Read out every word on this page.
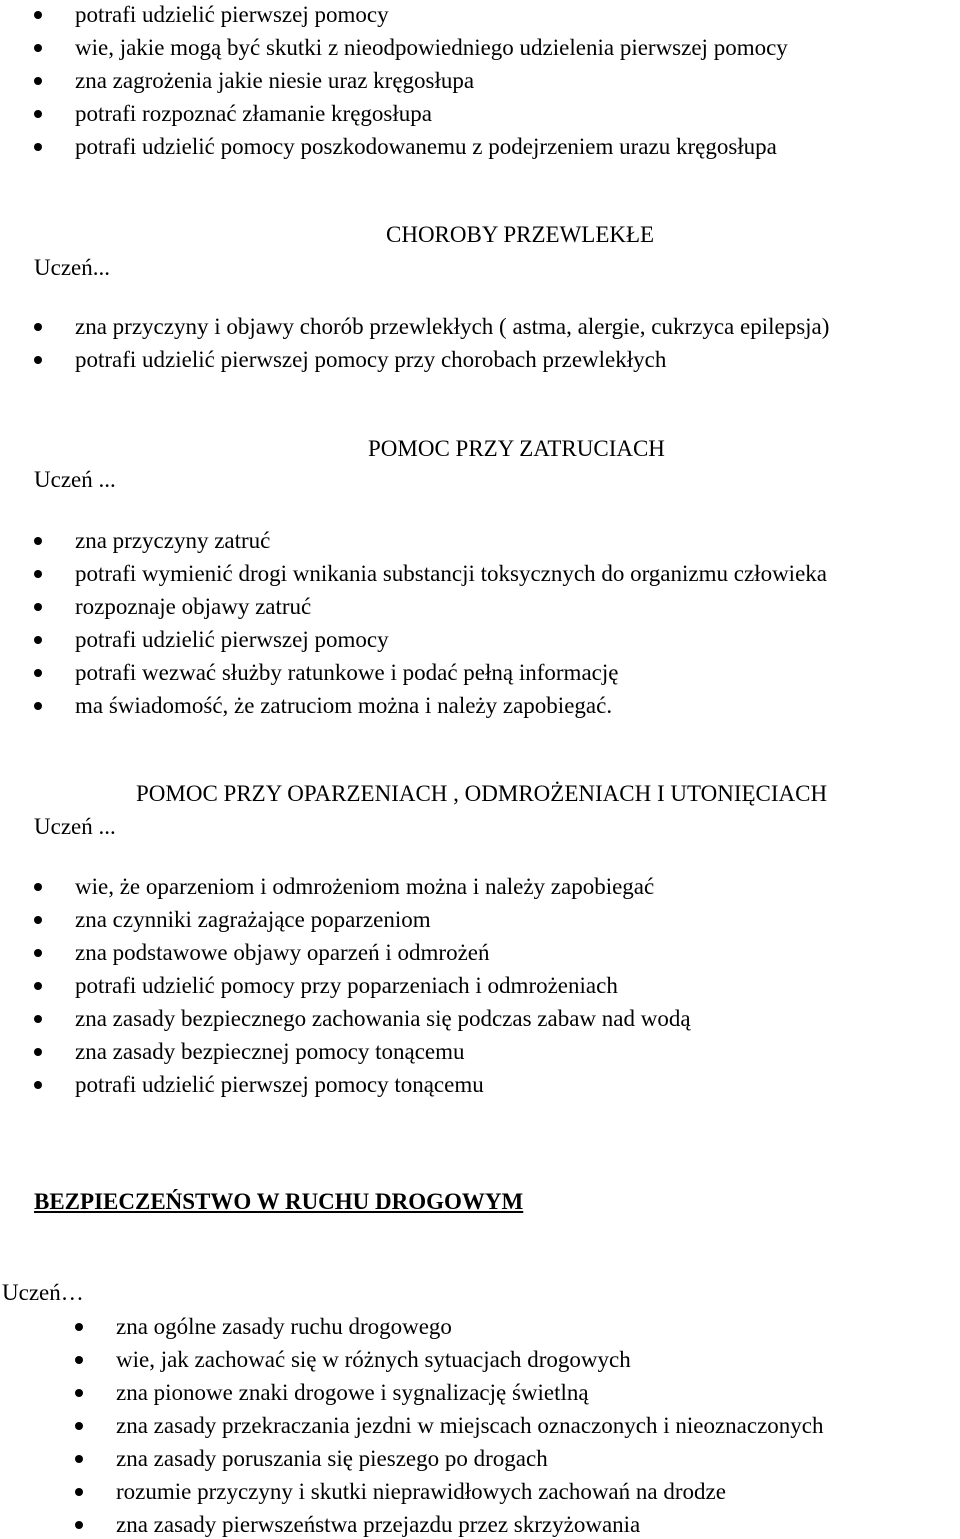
potrafi udzielić pierwszej pomocy
wie, jakie mogą być skutki z nieodpowiedniego udzielenia pierwszej pomocy
zna zagrożenia jakie niesie uraz kręgosłupa
potrafi rozpoznać złamanie kręgosłupa
potrafi udzielić pomocy poszkodowanemu z podejrzeniem urazu kręgosłupa
CHOROBY PRZEWLEKŁE
Uczeń...
zna przyczyny i objawy chorób przewlekłych ( astma, alergie, cukrzyca epilepsja)
potrafi udzielić pierwszej pomocy przy chorobach przewlekłych
POMOC PRZY ZATRUCIACH
Uczeń ...
zna przyczyny zatruć
potrafi wymienić drogi wnikania substancji toksycznych do organizmu człowieka
rozpoznaje objawy zatruć
potrafi udzielić pierwszej pomocy
potrafi wezwać służby ratunkowe i podać pełną informację
ma świadomość, że zatruciom można i należy zapobiegać.
POMOC PRZY OPARZENIACH , ODMROŻENIACH I UTONIĘCIACH
Uczeń ...
wie, że oparzeniom i odmrożeniom można i należy zapobiegać
zna czynniki zagrażające poparzeniom
zna podstawowe objawy oparzeń i odmrożeń
potrafi udzielić pomocy przy poparzeniach i odmrożeniach
zna zasady bezpiecznego zachowania się podczas zabaw nad wodą
zna zasady bezpiecznej pomocy tonącemu
potrafi udzielić pierwszej pomocy tonącemu
BEZPIECZEŃSTWO W RUCHU DROGOWYM
Uczeń…
zna ogólne zasady ruchu drogowego
wie, jak zachować się w różnych sytuacjach drogowych
zna pionowe znaki drogowe i sygnalizację świetlną
zna zasady przekraczania jezdni w miejscach oznaczonych i nieoznaczonych
zna zasady poruszania się pieszego po drogach
rozumie przyczyny i skutki nieprawidłowych zachowań na drodze
zna zasady pierwszeństwa przejazdu przez skrzyżowania
